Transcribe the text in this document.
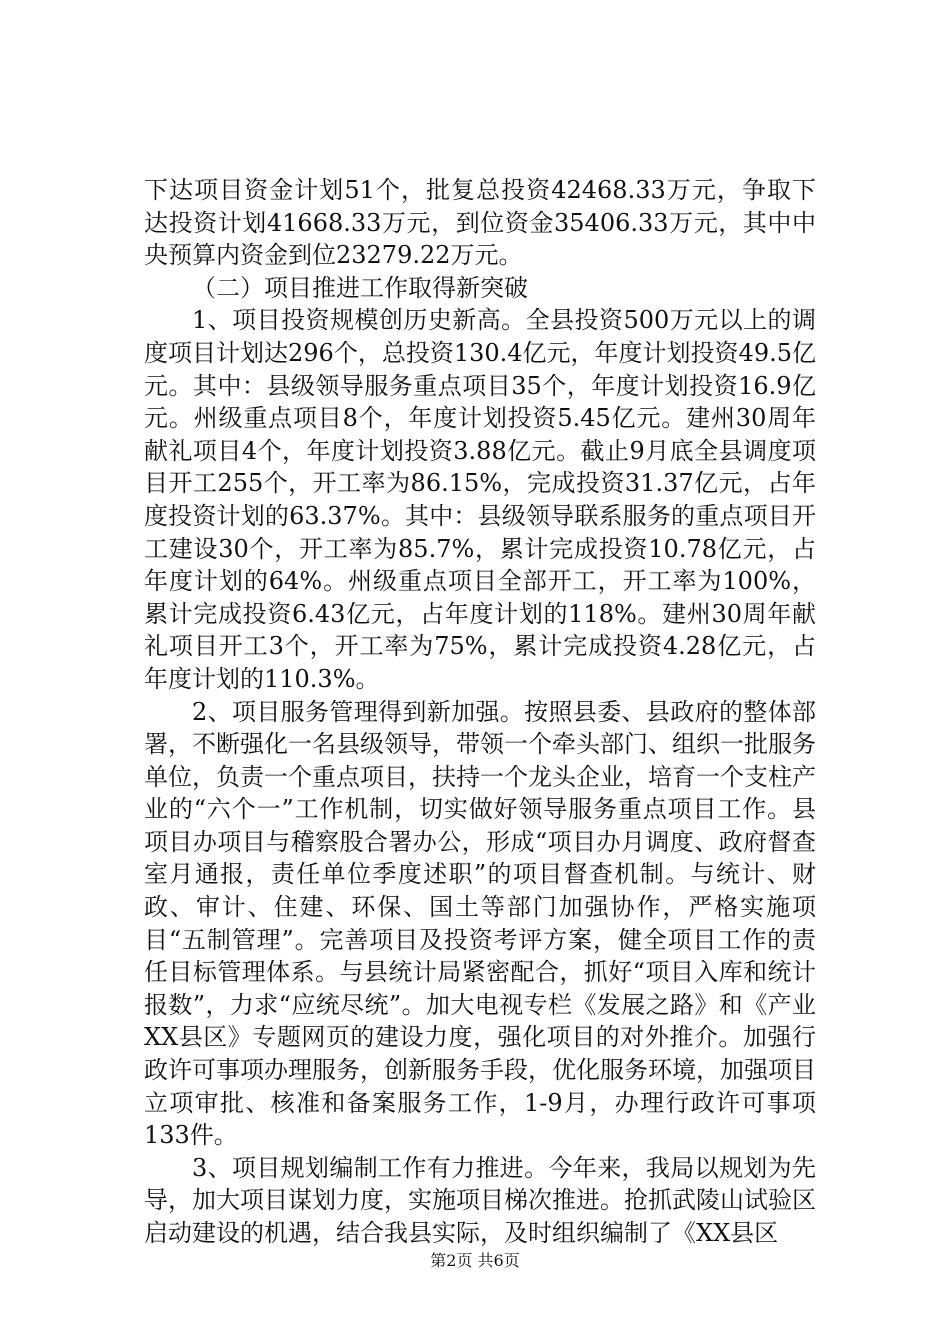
下达项目资金计划51个，批复总投资42468.33万元，争取下达投资计划41668.33万元，到位资金35406.33万元，其中中央预算内资金到位23279.22万元。

（二）项目推进工作取得新突破

1、项目投资规模创历史新高。全县投资500万元以上的调度项目计划达296个，总投资130.4亿元，年度计划投资49.5亿元。其中：县级领导服务重点项目35个，年度计划投资16.9亿元。州级重点项目8个，年度计划投资5.45亿元。建州30周年献礼项目4个，年度计划投资3.88亿元。截止9月底全县调度项目开工255个，开工率为86.15%，完成投资31.37亿元，占年度投资计划的63.37%。其中：县级领导联系服务的重点项目开工建设30个，开工率为85.7%，累计完成投资10.78亿元，占年度计划的64%。州级重点项目全部开工，开工率为100%，累计完成投资6.43亿元，占年度计划的118%。建州30周年献礼项目开工3个，开工率为75%，累计完成投资4.28亿元，占年度计划的110.3%。

2、项目服务管理得到新加强。按照县委、县政府的整体部署，不断强化一名县级领导，带领一个牵头部门、组织一批服务单位，负责一个重点项目，扶持一个龙头企业，培育一个支柱产业的“六个一”工作机制，切实做好领导服务重点项目工作。县项目办项目与稽察股合署办公，形成“项目办月调度、政府督查室月通报，责任单位季度述职”的项目督查机制。与统计、财政、审计、住建、环保、国土等部门加强协作，严格实施项目“五制管理”。完善项目及投资考评方案，健全项目工作的责任目标管理体系。与县统计局紧密配合，抓好“项目入库和统计报数”，力求“应统尽统”。加大电视专栏《发展之路》和《产业XX县区》专题网页的建设力度，强化项目的对外推介。加强行政许可事项办理服务，创新服务手段，优化服务环境，加强项目立项审批、核准和备案服务工作，1-9月，办理行政许可事项133件。

3、项目规划编制工作有力推进。今年来，我局以规划为先导，加大项目谋划力度，实施项目梯次推进。抢抓武陵山试验区启动建设的机遇，结合我县实际，及时组织编制了《XX县区

第2页 共6页
